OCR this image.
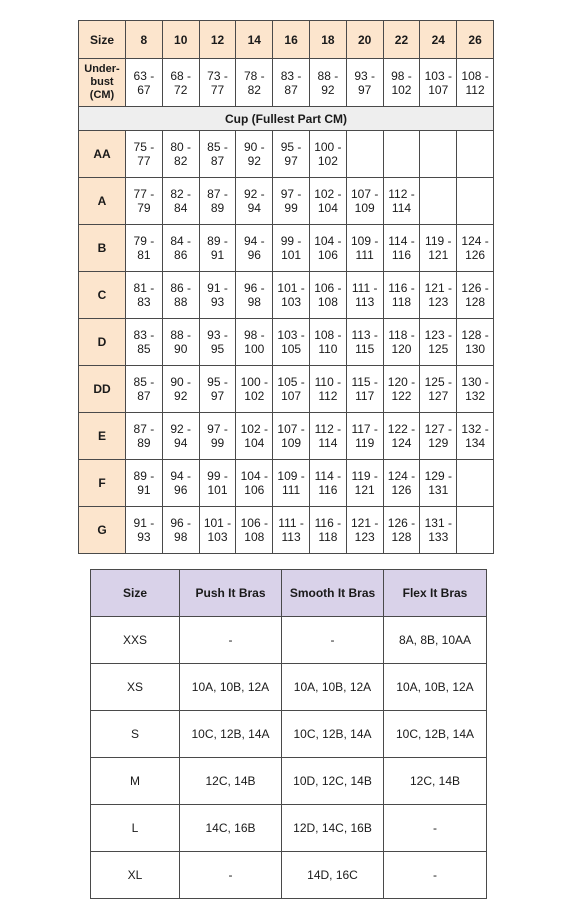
Size	8	10	12	14	16	18	20	22	24	26
Under-bust (CM)	63 - 67	68 - 72	73 - 77	78 - 82	83 - 87	88 - 92	93 - 97	98 - 102	103 - 107	108 - 112
Cup (Fullest Part CM)										
AA	75 - 77	80 - 82	85 - 87	90 - 92	95 - 97	100 - 102				
A	77 - 79	82 - 84	87 - 89	92 - 94	97 - 99	102 - 104	107 - 109	112 - 114		
B	79 - 81	84 - 86	89 - 91	94 - 96	99 - 101	104 - 106	109 - 111	114 - 116	119 - 121	124 - 126
C	81 - 83	86 - 88	91 - 93	96 - 98	101 - 103	106 - 108	111 - 113	116 - 118	121 - 123	126 - 128
D	83 - 85	88 - 90	93 - 95	98 - 100	103 - 105	108 - 110	113 - 115	118 - 120	123 - 125	128 - 130
DD	85 - 87	90 - 92	95 - 97	100 - 102	105 - 107	110 - 112	115 - 117	120 - 122	125 - 127	130 - 132
E	87 - 89	92 - 94	97 - 99	102 - 104	107 - 109	112 - 114	117 - 119	122 - 124	127 - 129	132 - 134
F	89 - 91	94 - 96	99 - 101	104 - 106	109 - 111	114 - 116	119 - 121	124 - 126	129 - 131	
G	91 - 93	96 - 98	101 - 103	106 - 108	111 - 113	116 - 118	121 - 123	126 - 128	131 - 133	
Size	Push It Bras	Smooth It Bras	Flex It Bras
XXS	-	-	8A, 8B, 10AA
XS	10A, 10B, 12A	10A, 10B, 12A	10A, 10B, 12A
S	10C, 12B, 14A	10C, 12B, 14A	10C, 12B, 14A
M	12C, 14B	10D, 12C, 14B	12C, 14B
L	14C, 16B	12D, 14C, 16B	-
XL	-	14D, 16C	-
